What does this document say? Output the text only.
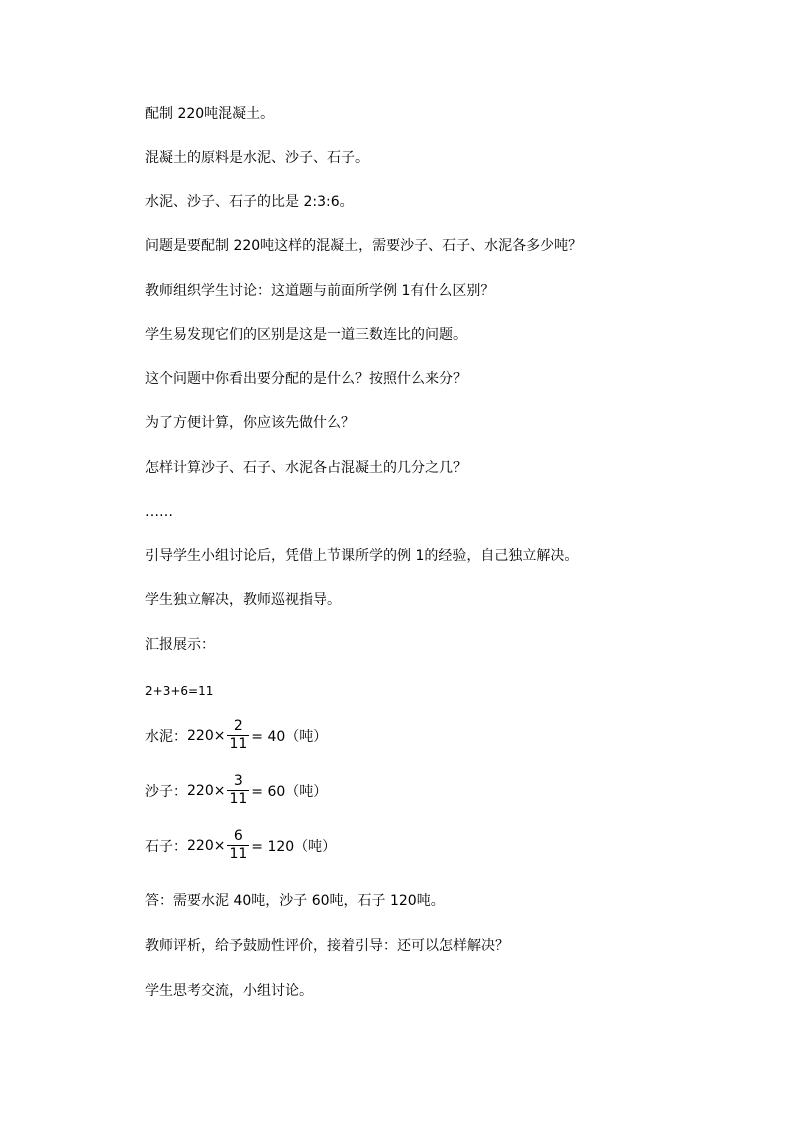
配制 220吨混凝土。
混凝土的原料是水泥、沙子、石子。
水泥、沙子、石子的比是 2:3:6。
问题是要配制 220吨这样的混凝土，需要沙子、石子、水泥各多少吨？
教师组织学生讨论：这道题与前面所学例 1有什么区别？
学生易发现它们的区别是这是一道三数连比的问题。
这个问题中你看出要分配的是什么？按照什么来分？
为了方便计算，你应该先做什么？
怎样计算沙子、石子、水泥各占混凝土的几分之几？
……
引导学生小组讨论后，凭借上节课所学的例 1的经验，自己独立解决。
学生独立解决，教师巡视指导。
汇报展示：
2+3+6=11
水泥： $220\times \frac{2}{11} = 40$（吨）
沙子： $220\times \frac{3}{11} = 60$（吨）
石子： $220\times \frac{6}{11} = 120$（吨）
答：需要水泥 40吨，沙子 60吨，石子 120吨。
教师评析，给予鼓励性评价，接着引导：还可以怎样解决？
学生思考交流，小组讨论。
